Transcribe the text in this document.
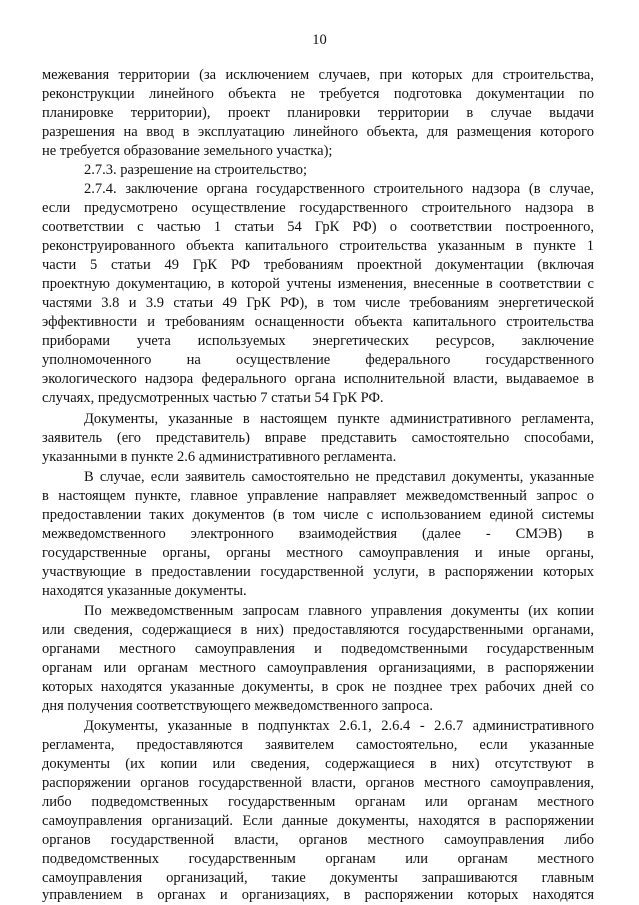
10
межевания территории (за исключением случаев, при которых для строительства,
реконструкции линейного объекта не требуется подготовка документации по
планировке территории), проект планировки территории в случае выдачи
разрешения на ввод в эксплуатацию линейного объекта, для размещения которого
не требуется образование земельного участка);
2.7.3. разрешение на строительство;
2.7.4. заключение органа государственного строительного надзора (в случае,
если предусмотрено осуществление государственного строительного надзора в
соответствии с частью 1 статьи 54 ГрК РФ) о соответствии построенного,
реконструированного объекта капитального строительства указанным в пункте 1
части 5 статьи 49 ГрК РФ требованиям проектной документации (включая
проектную документацию, в которой учтены изменения, внесенные в соответствии с
частями 3.8 и 3.9 статьи 49 ГрК РФ), в том числе требованиям энергетической
эффективности и требованиям оснащенности объекта капитального строительства
приборами учета используемых энергетических ресурсов, заключение
уполномоченного на осуществление федерального государственного
экологического надзора федерального органа исполнительной власти, выдаваемое в
случаях, предусмотренных частью 7 статьи 54 ГрК РФ.
Документы, указанные в настоящем пункте административного регламента,
заявитель (его представитель) вправе представить самостоятельно способами,
указанными в пункте 2.6 административного регламента.
В случае, если заявитель самостоятельно не представил документы, указанные
в настоящем пункте, главное управление направляет межведомственный запрос о
предоставлении таких документов (в том числе с использованием единой системы
межведомственного электронного взаимодействия (далее - СМЭВ) в
государственные органы, органы местного самоуправления и иные органы,
участвующие в предоставлении государственной услуги, в распоряжении которых
находятся указанные документы.
По межведомственным запросам главного управления документы (их копии
или сведения, содержащиеся в них) предоставляются государственными органами,
органами местного самоуправления и подведомственными государственным
органам или органам местного самоуправления организациями, в распоряжении
которых находятся указанные документы, в срок не позднее трех рабочих дней со
дня получения соответствующего межведомственного запроса.
Документы, указанные в подпунктах 2.6.1, 2.6.4 - 2.6.7 административного
регламента, предоставляются заявителем самостоятельно, если указанные
документы (их копии или сведения, содержащиеся в них) отсутствуют в
распоряжении органов государственной власти, органов местного самоуправления,
либо подведомственных государственным органам или органам местного
самоуправления организаций. Если данные документы, находятся в распоряжении
органов государственной власти, органов местного самоуправления либо
подведомственных государственным органам или органам местного
самоуправления организаций, такие документы запрашиваются главным
управлением в органах и организациях, в распоряжении которых находятся
